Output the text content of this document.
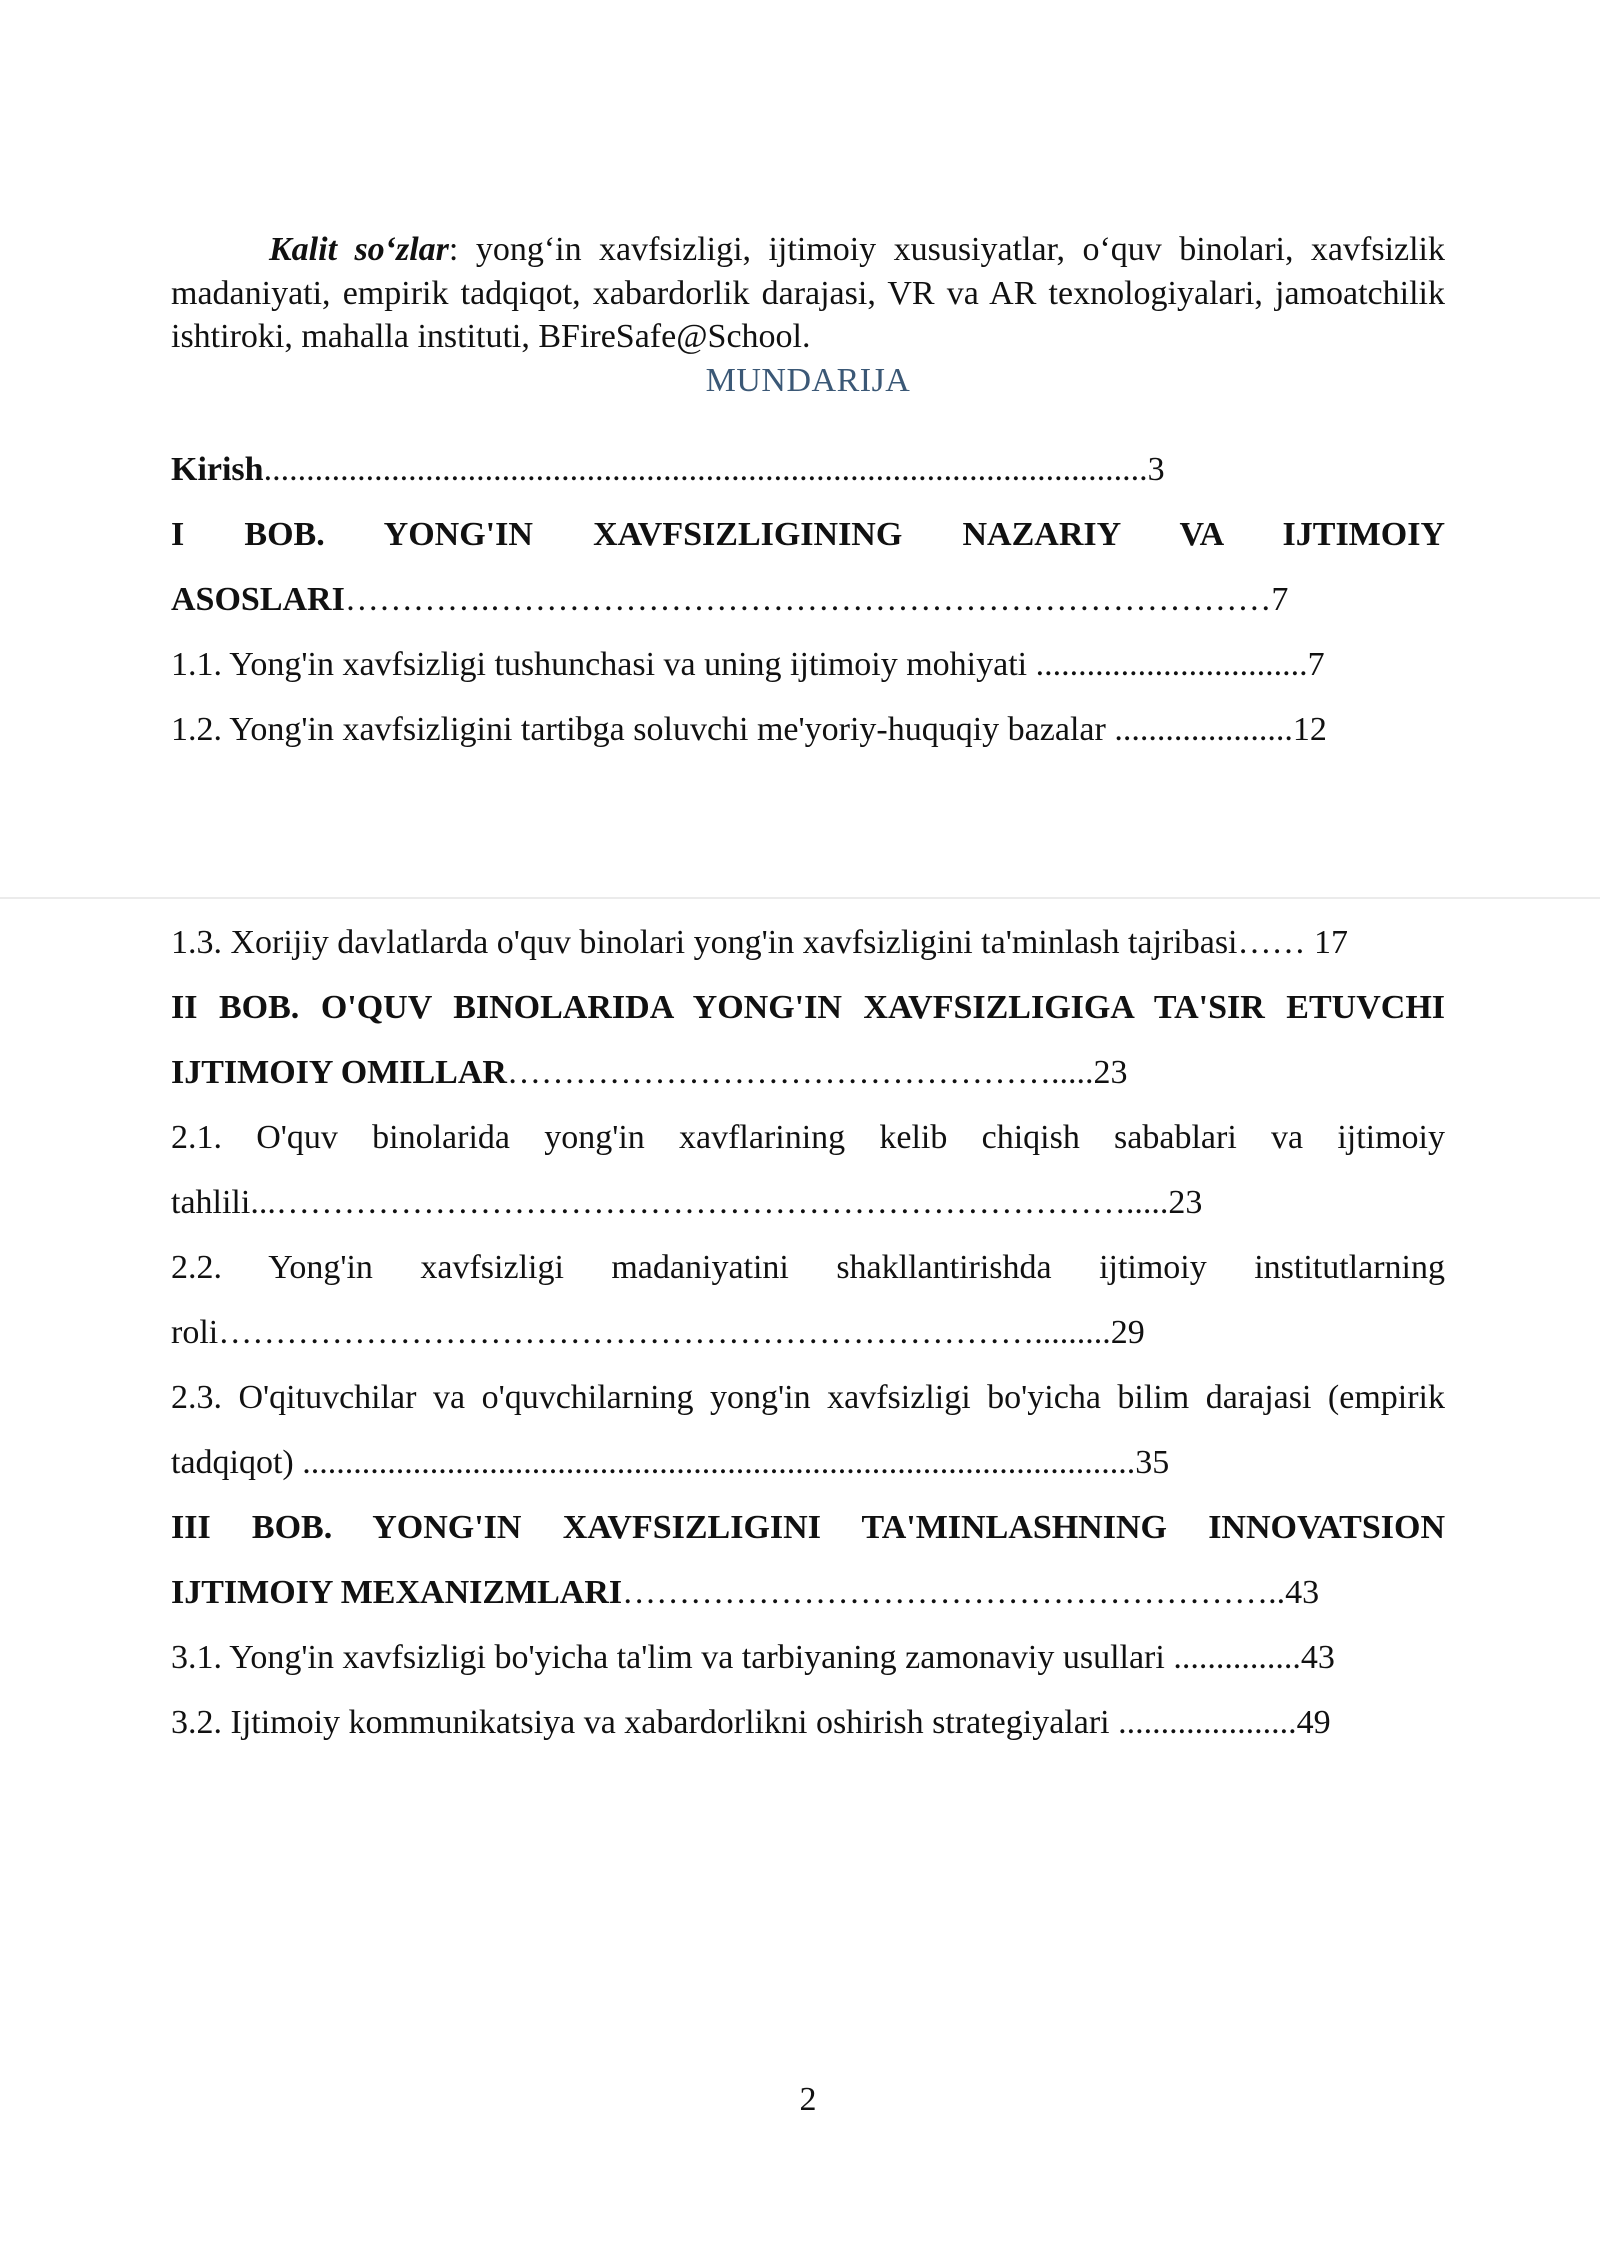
Kalit so‘zlar: yong‘in xavfsizligi, ijtimoiy xususiyatlar, o‘quv binolari, xavfsizlik madaniyati, empirik tadqiqot, xabardorlik darajasi, VR va AR texnologiyalari, jamoatchilik ishtiroki, mahalla instituti, BFireSafe@School.

MUNDARIJA

Kirish........................................................................................................3

I BOB. YONG'IN XAVFSIZLIGINING NAZARIY VA IJTIMOIY ASOSLARI………….……………………………………………………………7

1.1. Yong'in xavfsizligi tushunchasi va uning ijtimoiy mohiyati ................................7

1.2. Yong'in xavfsizligini tartibga soluvchi me'yoriy-huquqiy bazalar .....................12

1.3. Xorijiy davlatlarda o'quv binolari yong'in xavfsizligini ta'minlash tajribasi…… 17

II BOB. O'QUV BINOLARIDA YONG'IN XAVFSIZLIGIGA TA'SIR ETUVCHI IJTIMOIY OMILLAR………………………………………….....23

2.1. O'quv binolarida yong'in xavflarining kelib chiqish sabablari va ijtimoiy tahlili...………………………………………………………………….....23

2.2. Yong'in xavfsizligi madaniyatini shakllantirishda ijtimoiy institutlarning roli……………………………………………………………….........29

2.3. O'qituvchilar va o'quvchilarning yong'in xavfsizligi bo'yicha bilim darajasi (empirik tadqiqot) ..................................................................................................35

III BOB. YONG'IN XAVFSIZLIGINI TA'MINLASHNING INNOVATSION IJTIMOIY MEXANIZMLARI…………………………………………………..43

3.1. Yong'in xavfsizligi bo'yicha ta'lim va tarbiyaning zamonaviy usullari ...............43

3.2. Ijtimoiy kommunikatsiya va xabardorlikni oshirish strategiyalari .....................49

2
